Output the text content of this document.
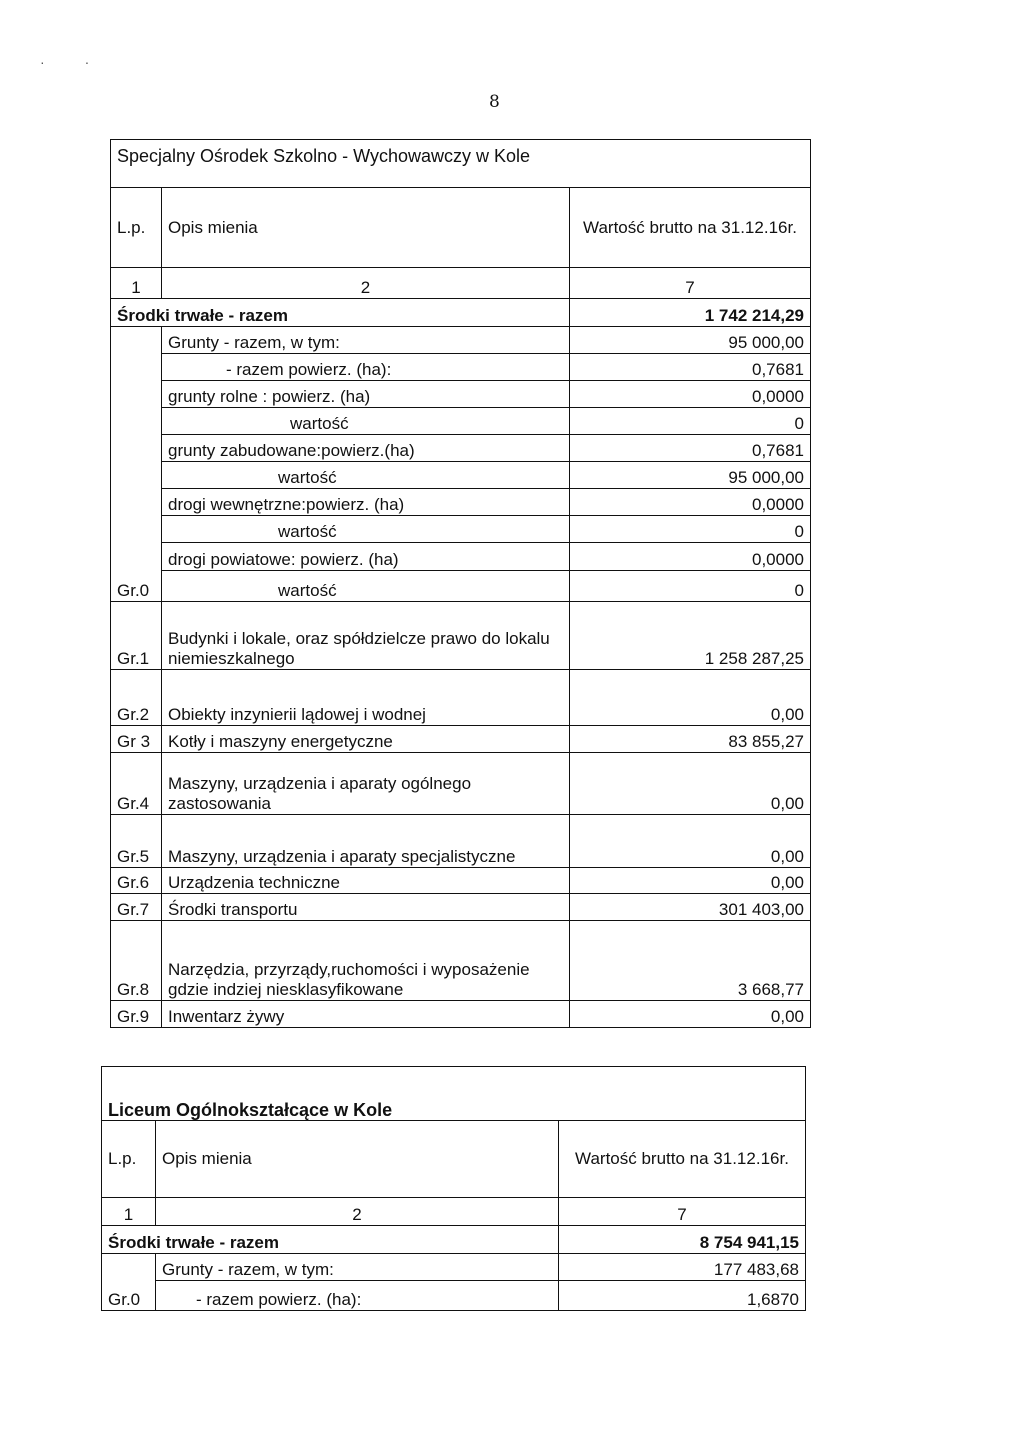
··
8
Specjalny Ośrodek Szkolno - Wychowawczy w Kole		
L.p.	Opis mienia	Wartość brutto na 31.12.16r.
1	2	7
Środki trwałe - razem		1 742 214,29
Gr.0	Grunty - razem, w tym:	95 000,00
	- razem powierz. (ha):	0,7681
	grunty rolne : powierz. (ha)	0,0000
	wartość	0
	grunty zabudowane:powierz.(ha)	0,7681
	wartość	95 000,00
	drogi wewnętrzne:powierz. (ha)	0,0000
	wartość	0
	drogi powiatowe: powierz. (ha)	0,0000
	wartość	0
Gr.1	Budynki i lokale, oraz spółdzielcze prawo do lokalu niemieszkalnego	1 258 287,25
Gr.2	Obiekty inzynierii lądowej i wodnej	0,00
Gr 3	Kotły i maszyny energetyczne	83 855,27
Gr.4	Maszyny, urządzenia i aparaty ogólnego zastosowania	0,00
Gr.5	Maszyny, urządzenia i aparaty specjalistyczne	0,00
Gr.6	Urządzenia techniczne	0,00
Gr.7	Środki transportu	301 403,00
Gr.8	Narzędzia, przyrządy,ruchomości i wyposażenie gdzie indziej niesklasyfikowane	3 668,77
Gr.9	Inwentarz żywy	0,00
Liceum Ogólnokształcące w Kole		
L.p.	Opis mienia	Wartość brutto na 31.12.16r.
1	2	7
Środki trwałe - razem		8 754 941,15
Gr.0	Grunty - razem, w tym:	177 483,68
	- razem powierz. (ha):	1,6870
